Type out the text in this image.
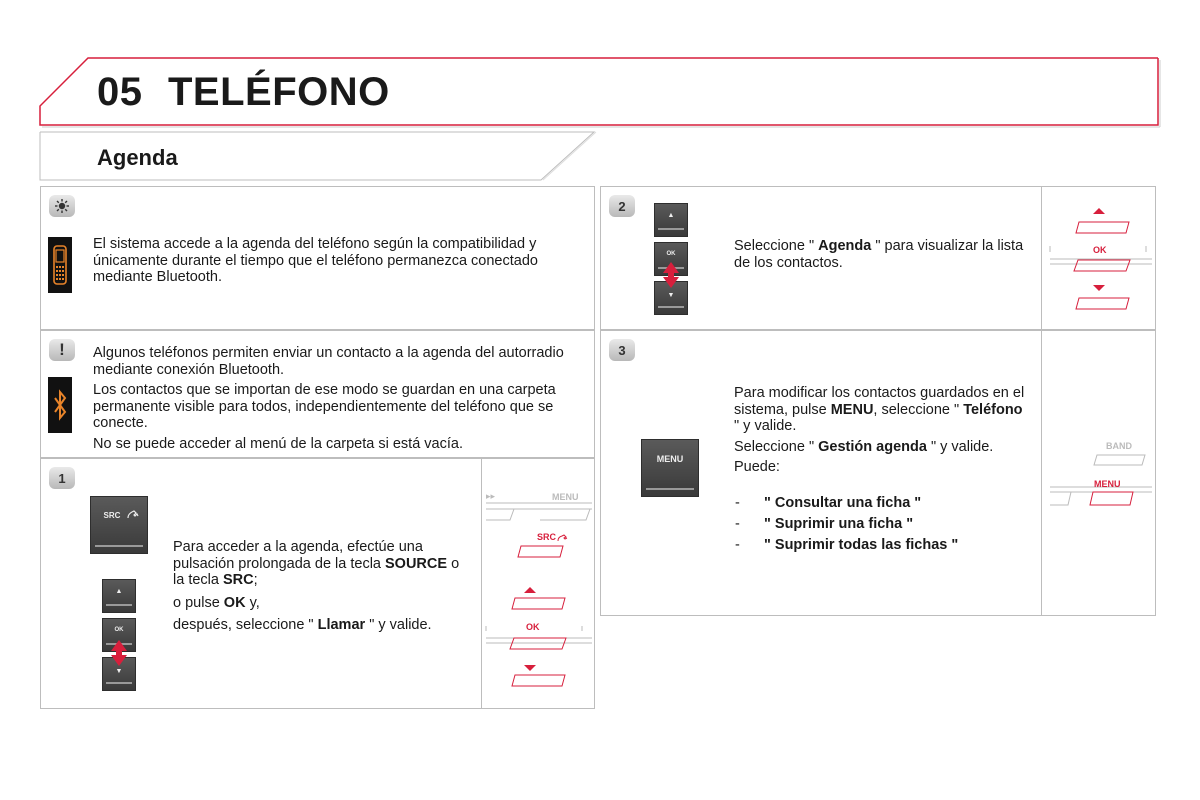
05 TELÉFONO
Agenda
El sistema accede a la agenda del teléfono según la compatibilidad y únicamente durante el tiempo que el teléfono permanezca conectado mediante Bluetooth.
!	Algunos teléfonos permiten enviar un contacto a la agenda del autorradio mediante conexión Bluetooth.

Los contactos que se importan de ese modo se guardan en una carpeta permanente visible para todos, independientemente del teléfono que se conecte.

No se puede acceder al menú de la carpeta si está vacía.

1
SRC
▲
OK
▼

Para acceder a la agenda, efectúe una pulsación prolongada de la tecla SOURCE o la tecla SRC;

o pulse OK y,

después, seleccione " Llamar " y valide.

▸▸	MENU
SRC
OK
2
▲
OK
▼

Seleccione " Agenda " para visualizar la lista de los contactos.

OK
3
MENU

Para modificar los contactos guardados en el sistema, pulse MENU, seleccione " Teléfono " y valide.

Seleccione " Gestión agenda " y valide.

Puede:

- " Consultar una ficha "
- " Suprimir una ficha "
- " Suprimir todas las fichas "
BAND
MENU
